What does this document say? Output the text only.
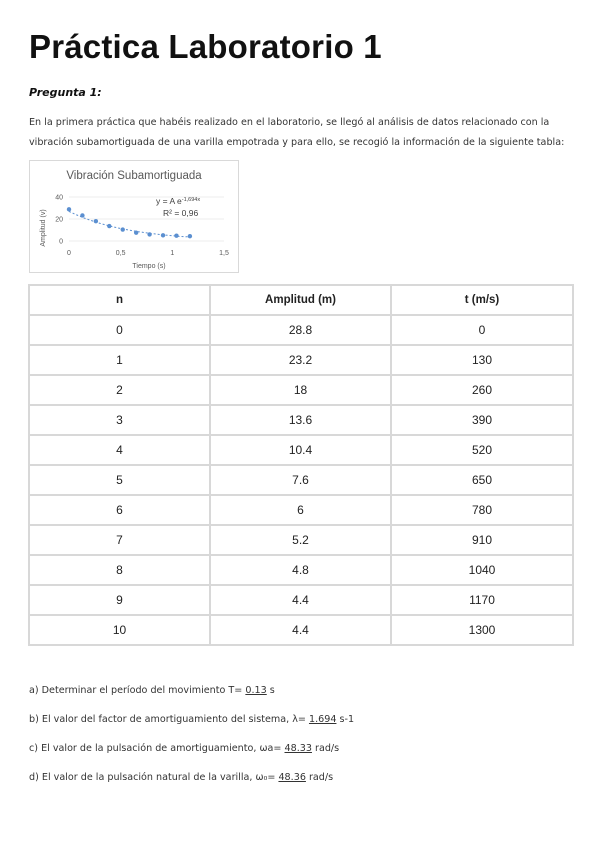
Práctica Laboratorio 1

Pregunta 1:

En la primera práctica que habéis realizado en el laboratorio, se llegó al análisis de datos relacionado con la vibración subamortiguada de una varilla empotrada y para ello, se recogió la información de la siguiente tabla:

Vibración Subamortiguada
0
20
40
0	0,5	1	1,5
y = A $e^{-1,694x}$
R² = 0,96
Amplitud (v)
Tiempo (s)
n	Amplitud (m)	t (m/s)
0	28.8	0
1	23.2	130
2	18	260
3	13.6	390
4	10.4	520
5	7.6	650
6	6	780
7	5.2	910
8	4.8	1040
9	4.4	1170
10	4.4	1300

a) Determinar el período del movimiento T= 0.13 s

b) El valor del factor de amortiguamiento del sistema, λ= 1.694 s-1

c) El valor de la pulsación de amortiguamiento, ωa= 48.33 rad/s

d) El valor de la pulsación natural de la varilla, ω₀= 48.36 rad/s
